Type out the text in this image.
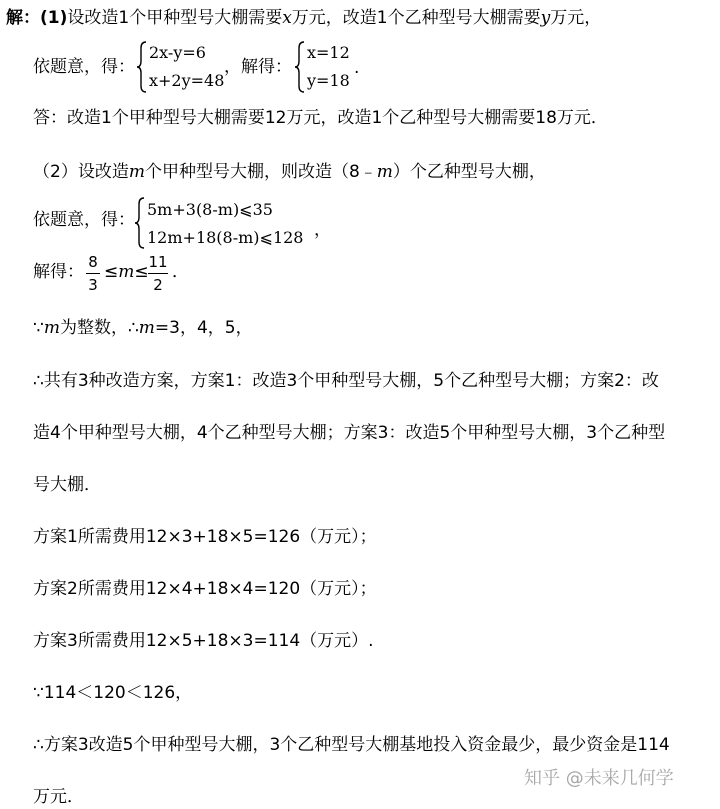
解：(1)设改造1个甲种型号大棚需要x万元，改造1个乙种型号大棚需要y万元，
依题意，得：
2x-y=6
x+2y=48
，解得：
x=12
y=18
.
答：改造1个甲种型号大棚需要12万元，改造1个乙种型号大棚需要18万元．
（2）设改造m个甲种型号大棚，则改造（8﹣m）个乙种型号大棚，
依题意，得：
5m+3(8-m)⩽35
12m+18(8-m)⩽128 ，
解得： 8
3
≤m≤ 11
2
．
∵m为整数，∴m=3，4，5，
∴共有3种改造方案，方案1：改造3个甲种型号大棚，5个乙种型号大棚；方案2：改
造4个甲种型号大棚，4个乙种型号大棚；方案3：改造5个甲种型号大棚，3个乙种型
号大棚．
方案1所需费用12×3+18×5=126（万元）；
方案2所需费用12×4+18×4=120（万元）；
方案3所需费用12×5+18×3=114（万元）.
∵114＜120＜126，
∴方案3改造5个甲种型号大棚，3个乙种型号大棚基地投入资金最少，最少资金是114
万元．
知乎 @未来几何学
